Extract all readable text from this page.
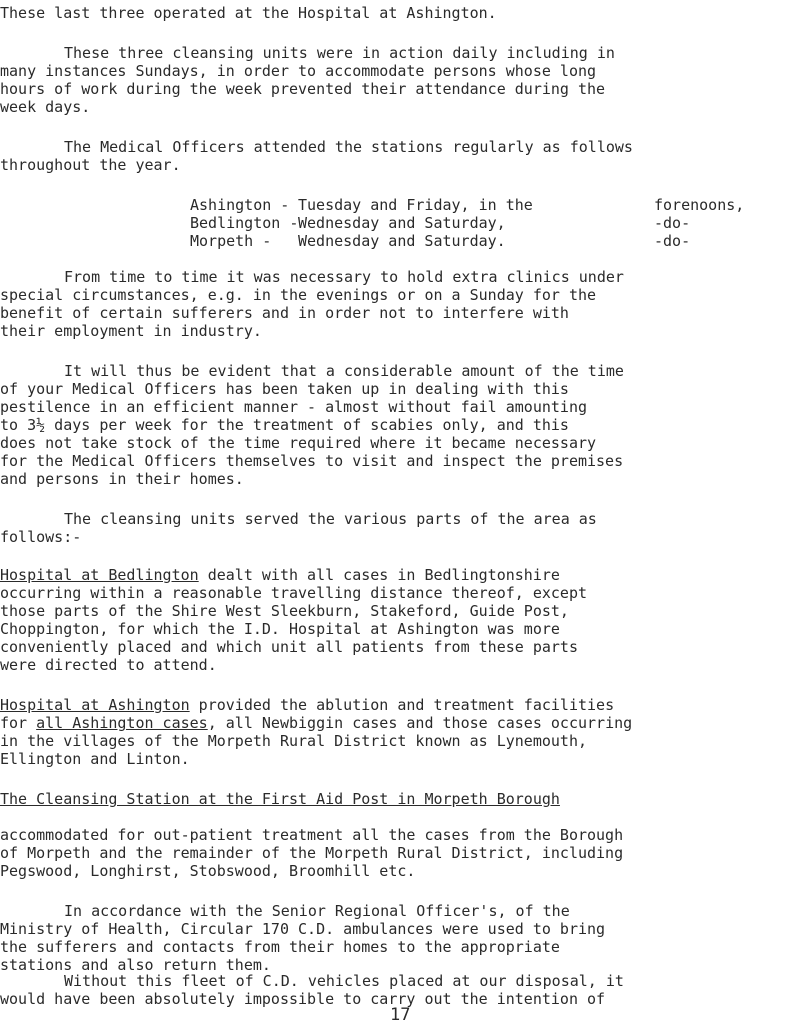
These last three operated at the Hospital at Ashington.

These three cleansing units were in action daily including in

many instances Sundays, in order to accommodate persons whose long

hours of work during the week prevented their attendance during the

week days.

The Medical Officers attended the stations regularly as follows

throughout the year.

Ashington - Tuesday and Friday, in the	forenoons,
Bedlington - Wednesday and Saturday,	-do-
Morpeth -	Wednesday and Saturday.	-do-

From time to time it was necessary to hold extra clinics under

special circumstances, e.g. in the evenings or on a Sunday for the

benefit of certain sufferers and in order not to interfere with

their employment in industry.

It will thus be evident that a considerable amount of the time

of your Medical Officers has been taken up in dealing with this

pestilence in an efficient manner - almost without fail amounting

to 3½ days per week for the treatment of scabies only, and this

does not take stock of the time required where it became necessary

for the Medical Officers themselves to visit and inspect the premises

and persons in their homes.

The cleansing units served the various parts of the area as

follows:-

Hospital at Bedlington dealt with all cases in Bedlingtonshire

occurring within a reasonable travelling distance thereof, except

those parts of the Shire West Sleekburn, Stakeford, Guide Post,

Choppington, for which the I.D. Hospital at Ashington was more

conveniently placed and which unit all patients from these parts

were directed to attend.

Hospital at Ashington provided the ablution and treatment facilities

for all Ashington cases, all Newbiggin cases and those cases occurring

in the villages of the Morpeth Rural District known as Lynemouth,

Ellington and Linton.

The Cleansing Station at the First Aid Post in Morpeth Borough

accommodated for out-patient treatment all the cases from the Borough

of Morpeth and the remainder of the Morpeth Rural District, including

Pegswood, Longhirst, Stobswood, Broomhill etc.

In accordance with the Senior Regional Officer's, of the

Ministry of Health, Circular 170 C.D. ambulances were used to bring

the sufferers and contacts from their homes to the appropriate

stations and also return them.

Without this fleet of C.D. vehicles placed at our disposal, it

would have been absolutely impossible to carry out the intention of

17
